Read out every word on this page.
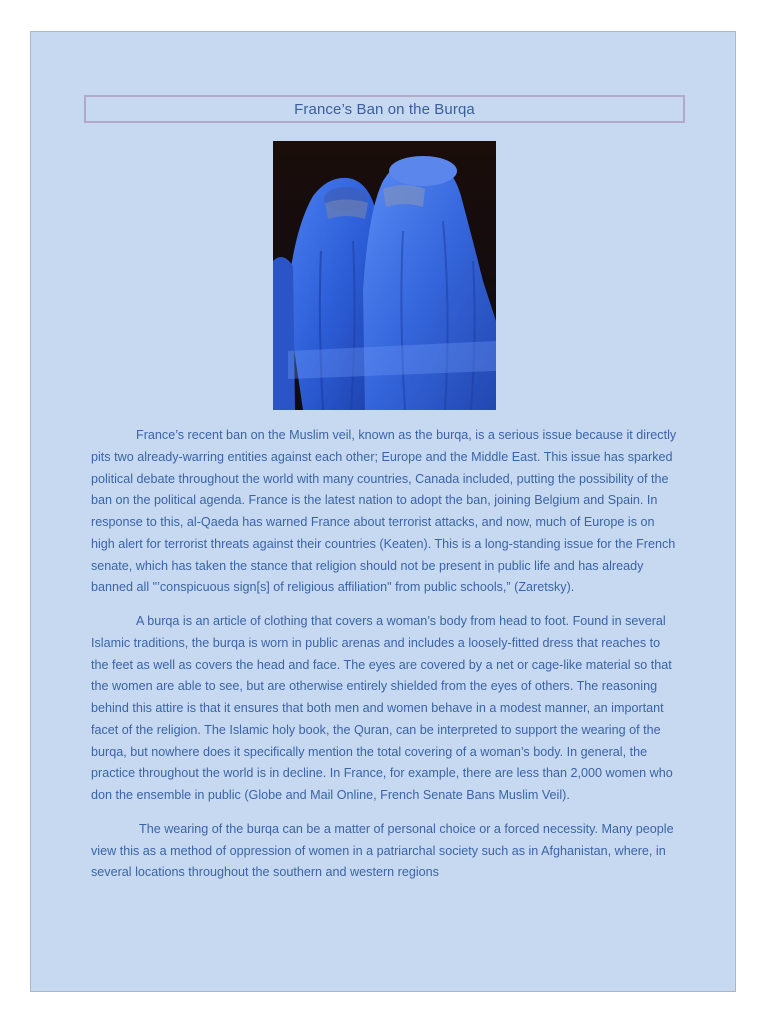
France’s Ban on the Burqa

France’s recent ban on the Muslim veil, known as the burqa, is a serious issue because it directly pits two already-warring entities against each other; Europe and the Middle East. This issue has sparked political debate throughout the world with many countries, Canada included, putting the possibility of the ban on the political agenda. France is the latest nation to adopt the ban, joining Belgium and Spain. In response to this, al-Qaeda has warned France about terrorist attacks, and now, much of Europe is on high alert for terrorist threats against their countries (Keaten). This is a long-standing issue for the French senate, which has taken the stance that religion should not be present in public life and has already banned all "’conspicuous sign[s] of religious affiliation" from public schools,” (Zaretsky).

A burqa is an article of clothing that covers a woman’s body from head to foot. Found in several Islamic traditions, the burqa is worn in public arenas and includes a loosely-fitted dress that reaches to the feet as well as covers the head and face. The eyes are covered by a net or cage-like material so that the women are able to see, but are otherwise entirely shielded from the eyes of others. The reasoning behind this attire is that it ensures that both men and women behave in a modest manner, an important facet of the religion. The Islamic holy book, the Quran, can be interpreted to support the wearing of the burqa, but nowhere does it specifically mention the total covering of a woman’s body. In general, the practice throughout the world is in decline. In France, for example, there are less than 2,000 women who don the ensemble in public (Globe and Mail Online, French Senate Bans Muslim Veil).

The wearing of the burqa can be a matter of personal choice or a forced necessity. Many people view this as a method of oppression of women in a patriarchal society such as in Afghanistan, where, in several locations throughout the southern and western regions
